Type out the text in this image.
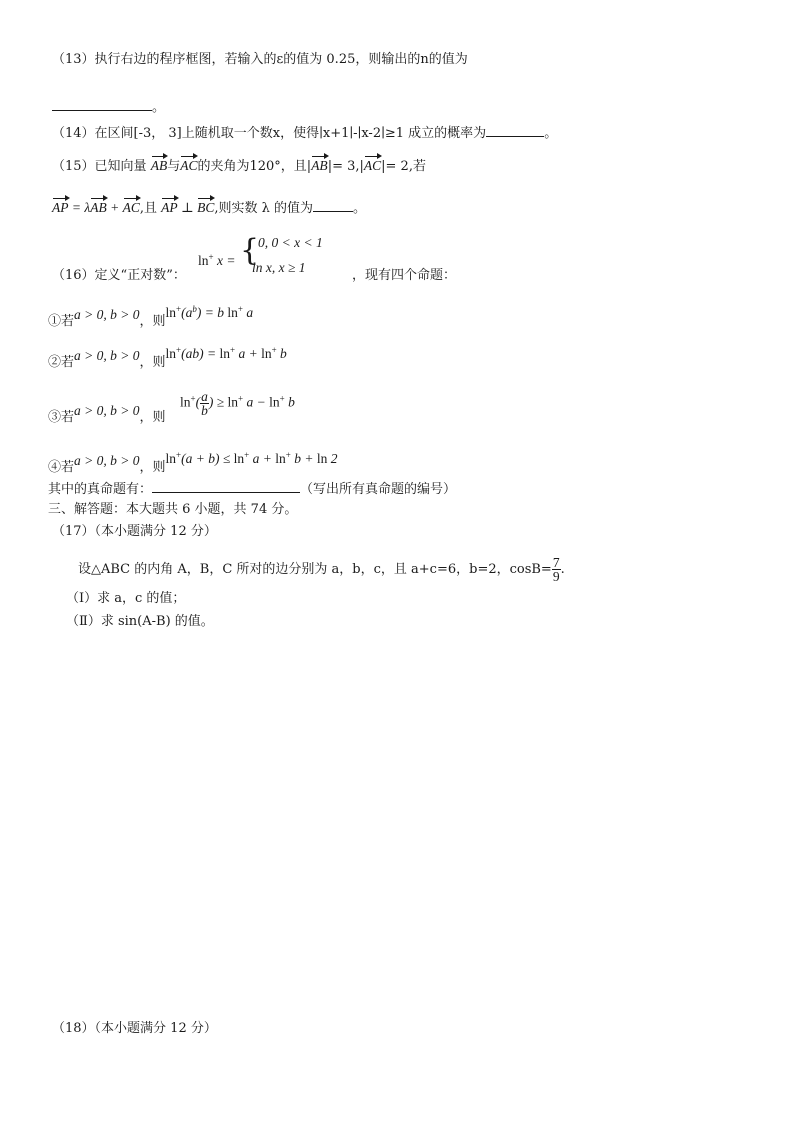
（13）执行右边的程序框图，若输入的ε的值为 0.25，则输出的n的值为
。
（14）在区间[-3， 3]上随机取一个数x，使得∣x+1∣-∣x-2∣≥1 成立的概率为	。
（15）已知向量 AB与AC的夹角为120°，且|AB|= 3,|AC|= 2,若
AP = λAB + AC,且 AP ⊥ BC,则实数 λ 的值为	。
ln+ x = {
0, 0 < x < 1
ln x, x ≥ 1
（16）定义“正对数”：	，现有四个命题：
①若a > 0, b > 0，则$\ln^+(a^b) = b$ ln+ a
②若a > 0, b > 0，则ln+(ab) = ln+ a + ln+ b
③若a > 0, b > 0，则
$\ln^+( \frac{a}{b}$ ) ≥ ln+ a − ln+ b
④若a > 0, b > 0，则ln+(a + b) ≤ ln+ a + ln+ b + ln 2
其中的真命题有：	（写出所有真命题的编号）
三、解答题：本大题共 6 小题，共 74 分。
（17）（本小题满分 12 分）
设△ABC 的内角 A，B，C 所对的边分别为 a，b，c，且 a+c=6，b=2，$\cos B= \frac{7}{9}$ .
（Ⅰ）求 a，c 的值；
（Ⅱ）求 sin(A-B) 的值。
（18）（本小题满分 12 分）
